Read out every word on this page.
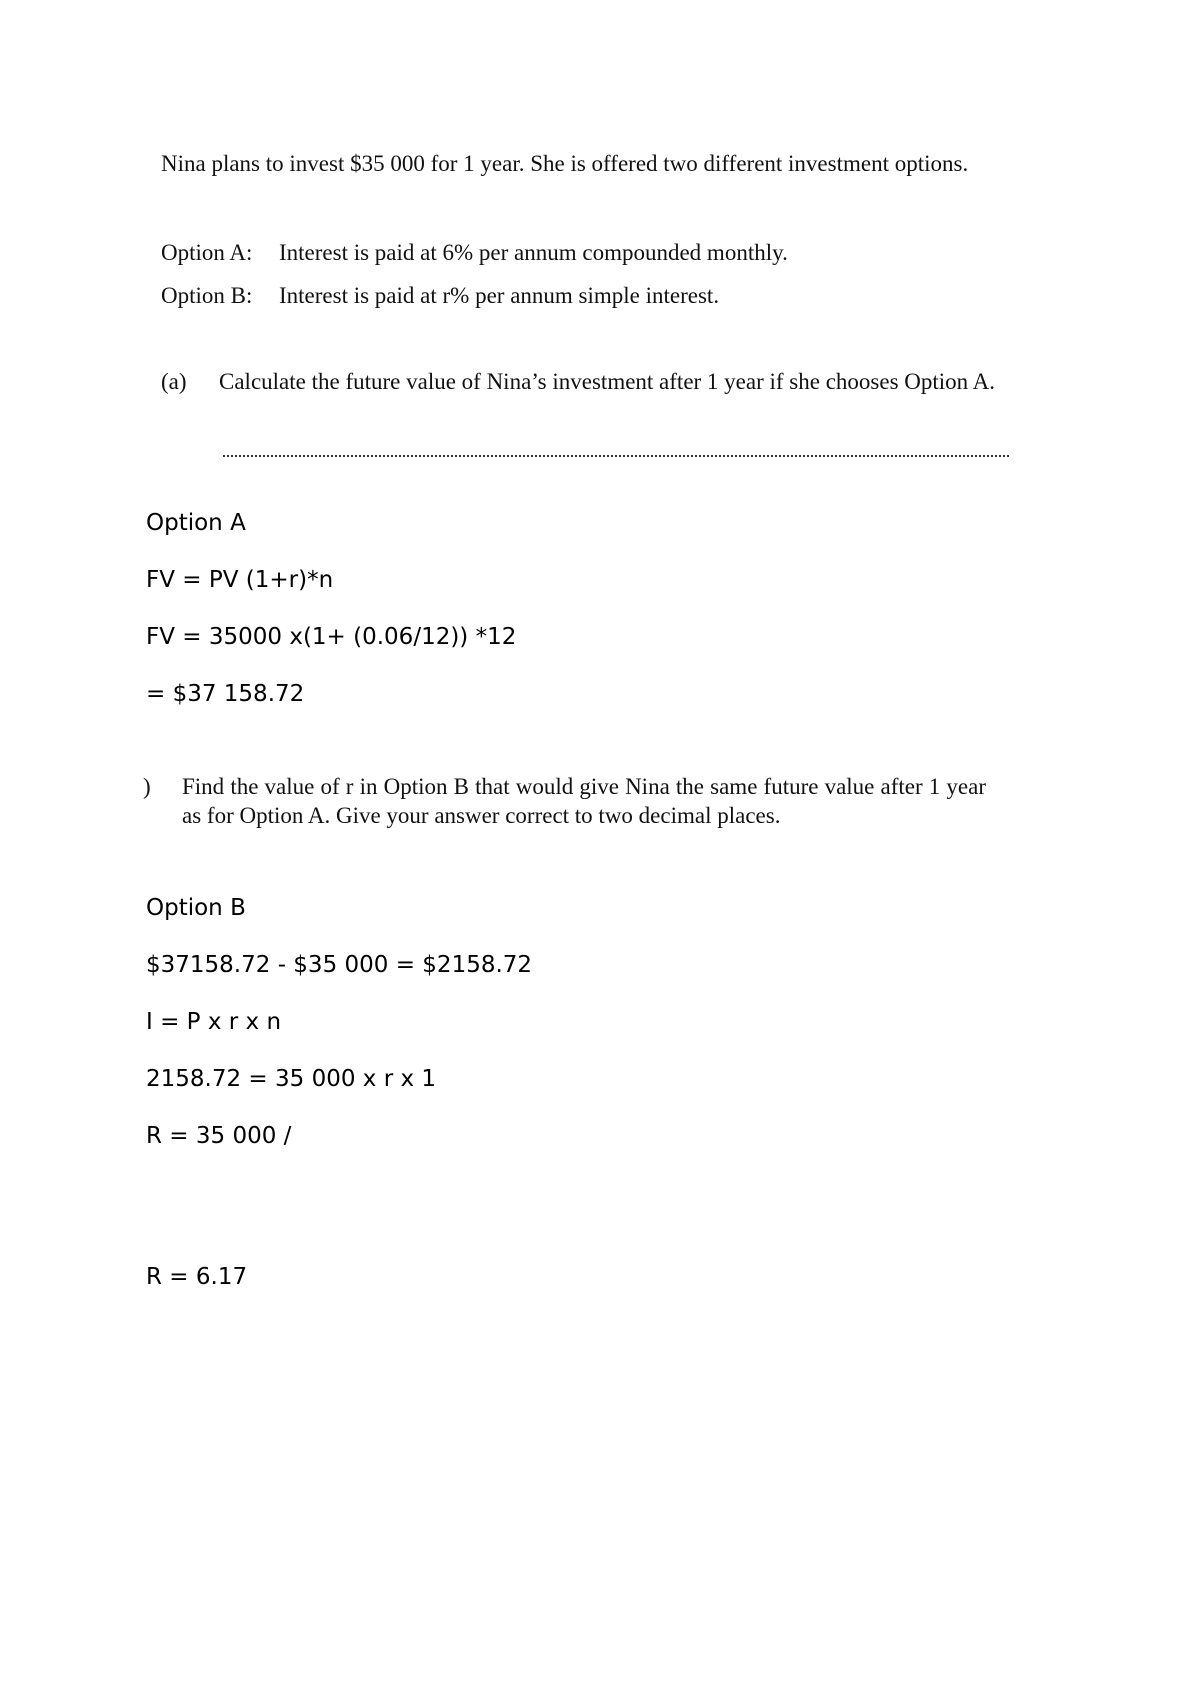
Nina plans to invest $35 000 for 1 year. She is offered two different investment options.
Option A: Interest is paid at 6% per annum compounded monthly.
Option B: Interest is paid at r% per annum simple interest.
(a) Calculate the future value of Nina’s investment after 1 year if she chooses Option A.
Option A
FV = PV (1+r)*n
FV = 35000 x(1+ (0.06/12)) *12
= $37 158.72
) Find the value of r in Option B that would give Nina the same future value after 1 year as for Option A. Give your answer correct to two decimal places.
Option B
$37158.72 - $35 000 = $2158.72
I = P x r x n
2158.72 = 35 000 x r x 1
R = 35 000 /
R = 6.17
